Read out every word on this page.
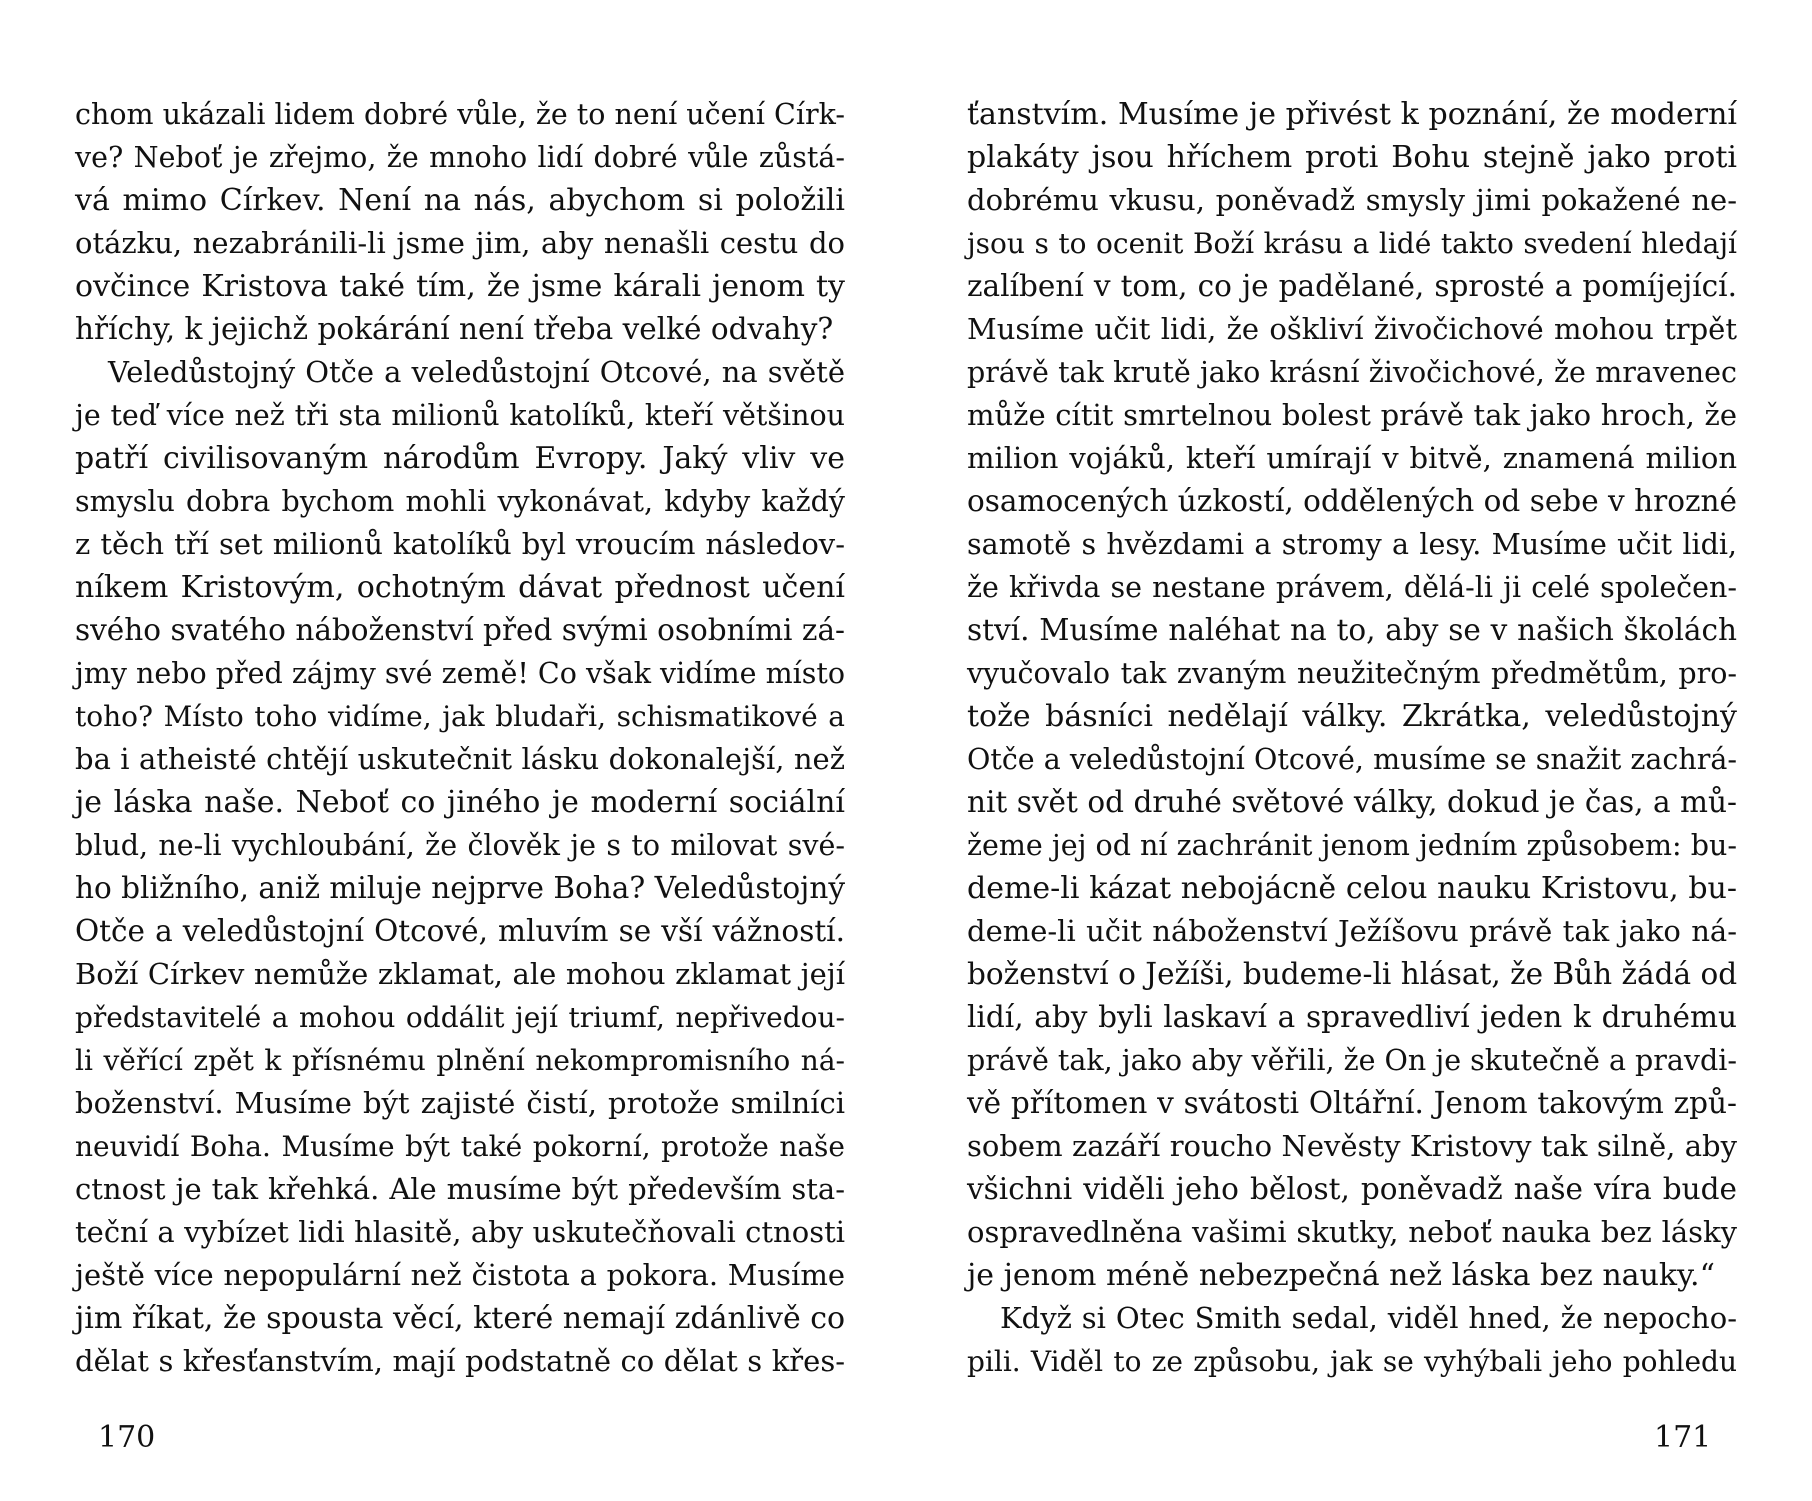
chom ukázali lidem dobré vůle, že to není učení Círk-
ve? Neboť je zřejmo, že mnoho lidí dobré vůle zůstá-
vá mimo Církev. Není na nás, abychom si položili
otázku, nezabránili-li jsme jim, aby nenašli cestu do
ovčince Kristova také tím, že jsme kárali jenom ty
hříchy, k jejichž pokárání není třeba velké odvahy?
Veledůstojný Otče a veledůstojní Otcové, na světě
je teď více než tři sta milionů katolíků, kteří většinou
patří civilisovaným národům Evropy. Jaký vliv ve
smyslu dobra bychom mohli vykonávat, kdyby každý
z těch tří set milionů katolíků byl vroucím následov-
níkem Kristovým, ochotným dávat přednost učení
svého svatého náboženství před svými osobními zá-
jmy nebo před zájmy své země! Co však vidíme místo
toho? Místo toho vidíme, jak bludaři, schismatikové a
ba i atheisté chtějí uskutečnit lásku dokonalejší, než
je láska naše. Neboť co jiného je moderní sociální
blud, ne-li vychloubání, že člověk je s to milovat své-
ho bližního, aniž miluje nejprve Boha? Veledůstojný
Otče a veledůstojní Otcové, mluvím se vší vážností.
Boží Církev nemůže zklamat, ale mohou zklamat její
představitelé a mohou oddálit její triumf, nepřivedou-
li věřící zpět k přísnému plnění nekompromisního ná-
boženství. Musíme být zajisté čistí, protože smilníci
neuvidí Boha. Musíme být také pokorní, protože naše
ctnost je tak křehká. Ale musíme být především sta-
teční a vybízet lidi hlasitě, aby uskutečňovali ctnosti
ještě více nepopulární než čistota a pokora. Musíme
jim říkat, že spousta věcí, které nemají zdánlivě co
dělat s křesťanstvím, mají podstatně co dělat s křes-
170
ťanstvím. Musíme je přivést k poznání, že moderní
plakáty jsou hříchem proti Bohu stejně jako proti
dobrému vkusu, poněvadž smysly jimi pokažené ne-
jsou s to ocenit Boží krásu a lidé takto svedení hledají
zalíbení v tom, co je padělané, sprosté a pomíjející.
Musíme učit lidi, že oškliví živočichové mohou trpět
právě tak krutě jako krásní živočichové, že mravenec
může cítit smrtelnou bolest právě tak jako hroch, že
milion vojáků, kteří umírají v bitvě, znamená milion
osamocených úzkostí, oddělených od sebe v hrozné
samotě s hvězdami a stromy a lesy. Musíme učit lidi,
že křivda se nestane právem, dělá-li ji celé společen-
ství. Musíme naléhat na to, aby se v našich školách
vyučovalo tak zvaným neužitečným předmětům, pro-
tože básníci nedělají války. Zkrátka, veledůstojný
Otče a veledůstojní Otcové, musíme se snažit zachrá-
nit svět od druhé světové války, dokud je čas, a mů-
žeme jej od ní zachránit jenom jedním způsobem: bu-
deme-li kázat nebojácně celou nauku Kristovu, bu-
deme-li učit náboženství Ježíšovu právě tak jako ná-
boženství o Ježíši, budeme-li hlásat, že Bůh žádá od
lidí, aby byli laskaví a spravedliví jeden k druhému
právě tak, jako aby věřili, že On je skutečně a pravdi-
vě přítomen v svátosti Oltářní. Jenom takovým způ-
sobem zazáří roucho Nevěsty Kristovy tak silně, aby
všichni viděli jeho bělost, poněvadž naše víra bude
ospravedlněna vašimi skutky, neboť nauka bez lásky
je jenom méně nebezpečná než láska bez nauky.“
Když si Otec Smith sedal, viděl hned, že nepocho-
pili. Viděl to ze způsobu, jak se vyhýbali jeho pohledu
171
